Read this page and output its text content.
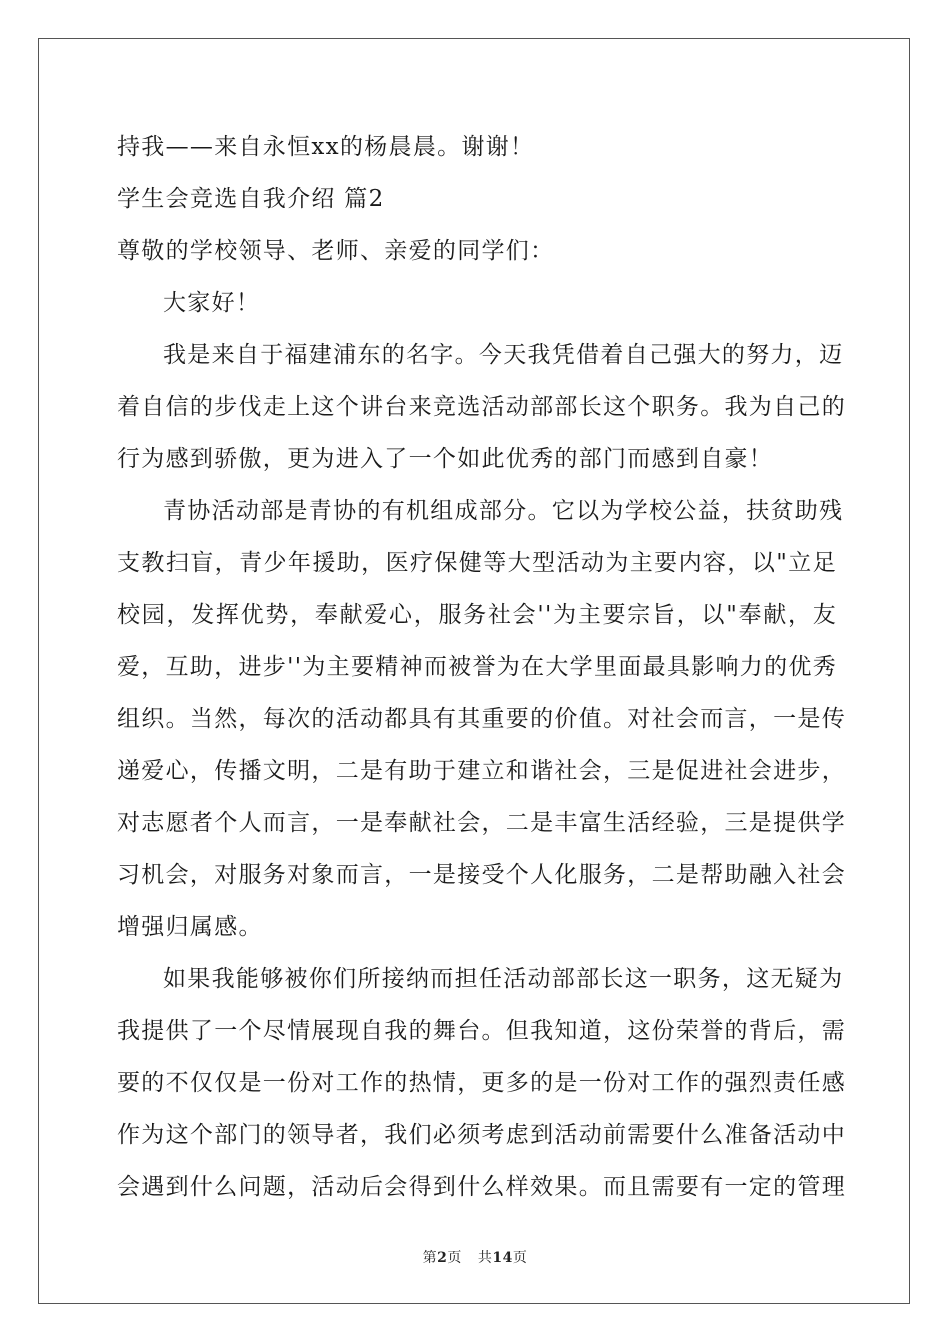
持我——来自永恒xx的杨晨晨。谢谢！
学生会竞选自我介绍 篇2
尊敬的学校领导、老师、亲爱的同学们：
大家好！
我是来自于福建浦东的名字。今天我凭借着自己强大的努力，迈
着自信的步伐走上这个讲台来竞选活动部部长这个职务。我为自己的
行为感到骄傲，更为进入了一个如此优秀的部门而感到自豪！
青协活动部是青协的有机组成部分。它以为学校公益，扶贫助残
支教扫盲，青少年援助，医疗保健等大型活动为主要内容，以"立足
校园，发挥优势，奉献爱心，服务社会''为主要宗旨，以"奉献，友
爱，互助，进步''为主要精神而被誉为在大学里面最具影响力的优秀
组织。当然，每次的活动都具有其重要的价值。对社会而言，一是传
递爱心，传播文明，二是有助于建立和谐社会，三是促进社会进步，
对志愿者个人而言，一是奉献社会，二是丰富生活经验，三是提供学
习机会，对服务对象而言，一是接受个人化服务，二是帮助融入社会
增强归属感。
如果我能够被你们所接纳而担任活动部部长这一职务，这无疑为
我提供了一个尽情展现自我的舞台。但我知道，这份荣誉的背后，需
要的不仅仅是一份对工作的热情，更多的是一份对工作的强烈责任感
作为这个部门的领导者，我们必须考虑到活动前需要什么准备活动中
会遇到什么问题，活动后会得到什么样效果。而且需要有一定的管理
第2页 共14页
